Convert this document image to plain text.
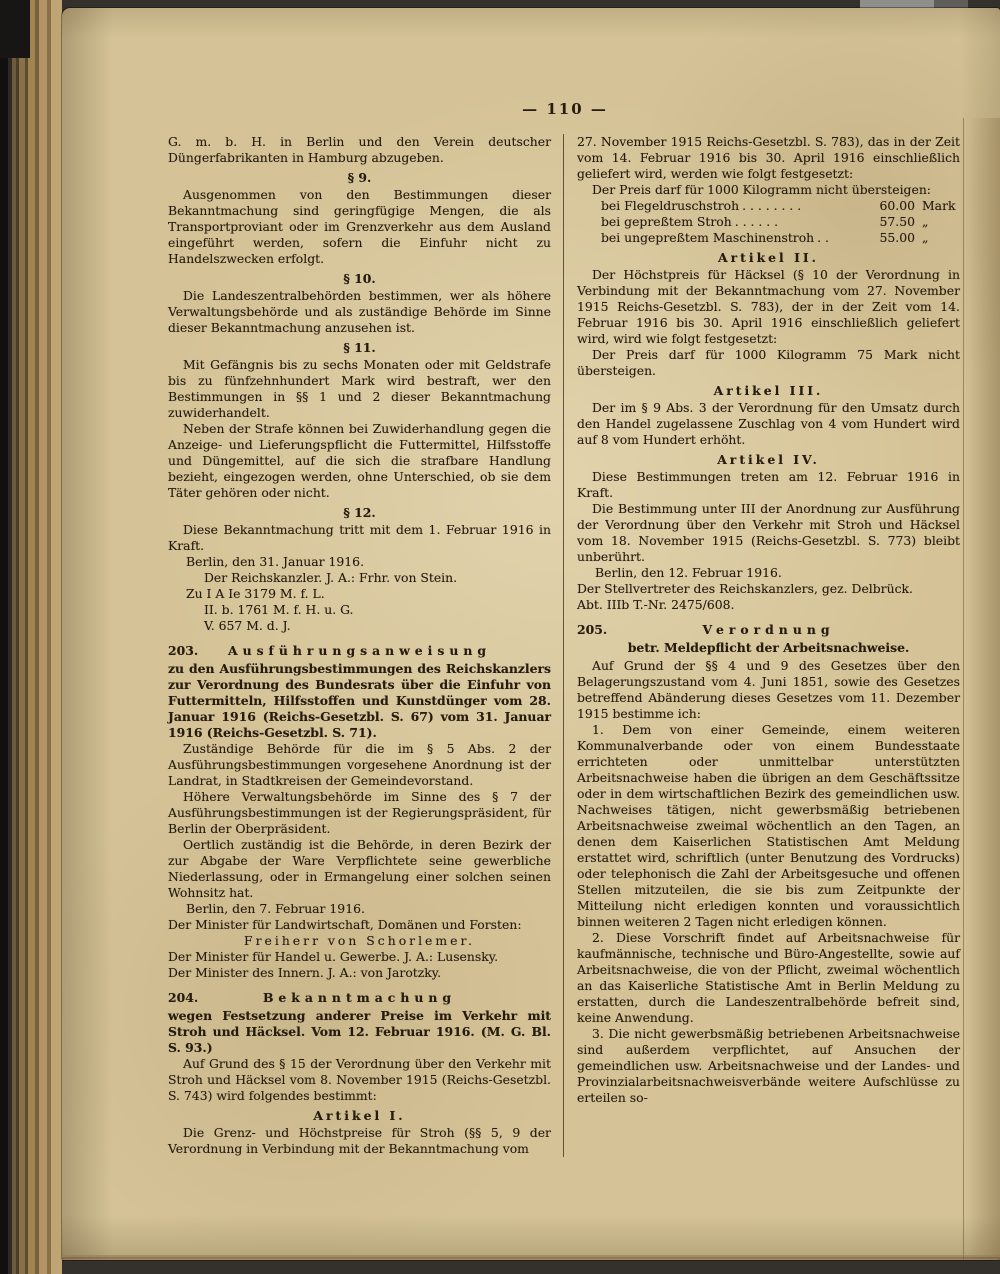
— 110 —
G. m. b. H. in Berlin und den Verein deutscher Düngerfabrikanten in Hamburg abzugeben.
§ 9.
Ausgenommen von den Bestimmungen dieser Bekanntmachung sind geringfügige Mengen, die als Transportproviant oder im Grenzverkehr aus dem Ausland eingeführt werden, sofern die Einfuhr nicht zu Handelszwecken erfolgt.
§ 10.
Die Landeszentralbehörden bestimmen, wer als höhere Verwaltungsbehörde und als zuständige Behörde im Sinne dieser Bekanntmachung anzusehen ist.
§ 11.
Mit Gefängnis bis zu sechs Monaten oder mit Geldstrafe bis zu fünfzehnhundert Mark wird bestraft, wer den Bestimmungen in §§ 1 und 2 dieser Bekanntmachung zuwiderhandelt.
Neben der Strafe können bei Zuwiderhandlung gegen die Anzeige- und Lieferungspflicht die Futtermittel, Hilfsstoffe und Düngemittel, auf die sich die strafbare Handlung bezieht, eingezogen werden, ohne Unterschied, ob sie dem Täter gehören oder nicht.
§ 12.
Diese Bekanntmachung tritt mit dem 1. Februar 1916 in Kraft.
Berlin, den 31. Januar 1916.
Der Reichskanzler. J. A.: Frhr. von Stein.
Zu I A Ie 3179 M. f. L.
II. b. 1761 M. f. H. u. G.
V. 657 M. d. J.
203. Ausführungsanweisung
zu den Ausführungsbestimmungen des Reichskanzlers zur Verordnung des Bundesrats über die Einfuhr von Futtermitteln, Hilfsstoffen und Kunstdünger vom 28. Januar 1916 (Reichs-Gesetzbl. S. 67) vom 31. Januar 1916 (Reichs-Gesetzbl. S. 71).
Zuständige Behörde für die im § 5 Abs. 2 der Ausführungsbestimmungen vorgesehene Anordnung ist der Landrat, in Stadtkreisen der Gemeindevorstand.
Höhere Verwaltungsbehörde im Sinne des § 7 der Ausführungsbestimmungen ist der Regierungspräsident, für Berlin der Oberpräsident.
Oertlich zuständig ist die Behörde, in deren Bezirk der zur Abgabe der Ware Verpflichtete seine gewerbliche Niederlassung, oder in Ermangelung einer solchen seinen Wohnsitz hat.
Berlin, den 7. Februar 1916.
Der Minister für Landwirtschaft, Domänen und Forsten:
Freiherr von Schorlemer.
Der Minister für Handel u. Gewerbe. J. A.: Lusensky.
Der Minister des Innern. J. A.: von Jarotzky.
204.	Bekanntmachung
wegen Festsetzung anderer Preise im Verkehr mit Stroh und Häcksel. Vom 12. Februar 1916. (M. G. Bl. S. 93.)
Auf Grund des § 15 der Verordnung über den Verkehr mit Stroh und Häcksel vom 8. November 1915 (Reichs-Gesetzbl. S. 743) wird folgendes bestimmt:
Artikel I.
Die Grenz- und Höchstpreise für Stroh (§§ 5, 9 der Verordnung in Verbindung mit der Bekanntmachung vom
27. November 1915 Reichs-Gesetzbl. S. 783), das in der Zeit vom 14. Februar 1916 bis 30. April 1916 einschließlich geliefert wird, werden wie folgt festgesetzt:
Der Preis darf für 1000 Kilogramm nicht übersteigen:
bei Flegeldruschstroh . . . . . . . .	60.00 Mark
bei gepreßtem Stroh . . . . . .	57.50 „
bei ungepreßtem Maschinenstroh . .	55.00 „
Artikel II.
Der Höchstpreis für Häcksel (§ 10 der Verordnung in Verbindung mit der Bekanntmachung vom 27. November 1915 Reichs-Gesetzbl. S. 783), der in der Zeit vom 14. Februar 1916 bis 30. April 1916 einschließlich geliefert wird, wird wie folgt festgesetzt:
Der Preis darf für 1000 Kilogramm 75 Mark nicht übersteigen.
Artikel III.
Der im § 9 Abs. 3 der Verordnung für den Umsatz durch den Handel zugelassene Zuschlag von 4 vom Hundert wird auf 8 vom Hundert erhöht.
Artikel IV.
Diese Bestimmungen treten am 12. Februar 1916 in Kraft.
Die Bestimmung unter III der Anordnung zur Ausführung der Verordnung über den Verkehr mit Stroh und Häcksel vom 18. November 1915 (Reichs-Gesetzbl. S. 773) bleibt unberührt.
Berlin, den 12. Februar 1916.
Der Stellvertreter des Reichskanzlers, gez. Delbrück.
Abt. IIIb T.-Nr. 2475/608.
205.	Verordnung
betr. Meldepflicht der Arbeitsnachweise.
Auf Grund der §§ 4 und 9 des Gesetzes über den Belagerungszustand vom 4. Juni 1851, sowie des Gesetzes betreffend Abänderung dieses Gesetzes vom 11. Dezember 1915 bestimme ich:
1. Dem von einer Gemeinde, einem weiteren Kommunalverbande oder von einem Bundesstaate errichteten oder unmittelbar unterstützten Arbeitsnachweise haben die übrigen an dem Geschäftssitze oder in dem wirtschaftlichen Bezirk des gemeindlichen usw. Nachweises tätigen, nicht gewerbsmäßig betriebenen Arbeitsnachweise zweimal wöchentlich an den Tagen, an denen dem Kaiserlichen Statistischen Amt Meldung erstattet wird, schriftlich (unter Benutzung des Vordrucks) oder telephonisch die Zahl der Arbeitsgesuche und offenen Stellen mitzuteilen, die sie bis zum Zeitpunkte der Mitteilung nicht erledigen konnten und voraussichtlich binnen weiteren 2 Tagen nicht erledigen können.
2. Diese Vorschrift findet auf Arbeitsnachweise für kaufmännische, technische und Büro-Angestellte, sowie auf Arbeitsnachweise, die von der Pflicht, zweimal wöchentlich an das Kaiserliche Statistische Amt in Berlin Meldung zu erstatten, durch die Landeszentralbehörde befreit sind, keine Anwendung.
3. Die nicht gewerbsmäßig betriebenen Arbeitsnachweise sind außerdem verpflichtet, auf Ansuchen der gemeindlichen usw. Arbeitsnachweise und der Landes- und Provinzialarbeitsnachweisverbände weitere Aufschlüsse zu erteilen so-
